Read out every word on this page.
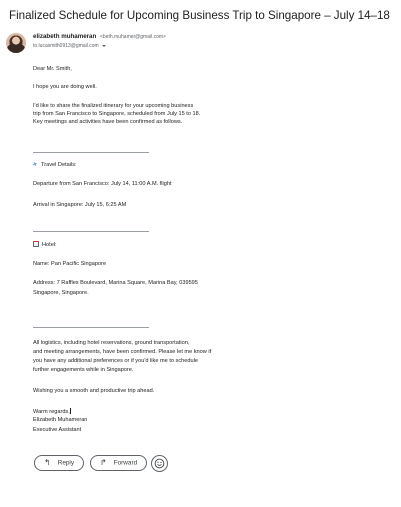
Finalized Schedule for Upcoming Business Trip to Singapore – July 14–18
elizabeth muhameran <beth.muhamer@gmail.com>
to lucasmith0913@gmail.com

Dear Mr. Smith,

I hope you are doing well.

I'd like to share the finalized itinerary for your upcoming business

trip from San Francisco to Singapore, scheduled from July 15 to 18.

Key meetings and activities have been confirmed as follows.

✈ Travel Details:

Departure from San Francisco: July 14, 11:00 A.M. flight

Arrival in Singapore: July 15, 6:25 AM

Hotel:

Name: Pan Pacific Singapore

Address: 7 Raffles Boulevard, Marina Square, Marina Bay, 039595

Singapore, Singapore.

All logistics, including hotel reservations, ground transportation,

and meeting arrangements, have been confirmed. Please let me know if

you have any additional preferences or if you'd like me to schedule

further engagements while in Singapore.

Wishing you a smooth and productive trip ahead.

Warm regards,

Elizabeth Muhameran

Executive Assistant

↰ Reply	↱ Forward
